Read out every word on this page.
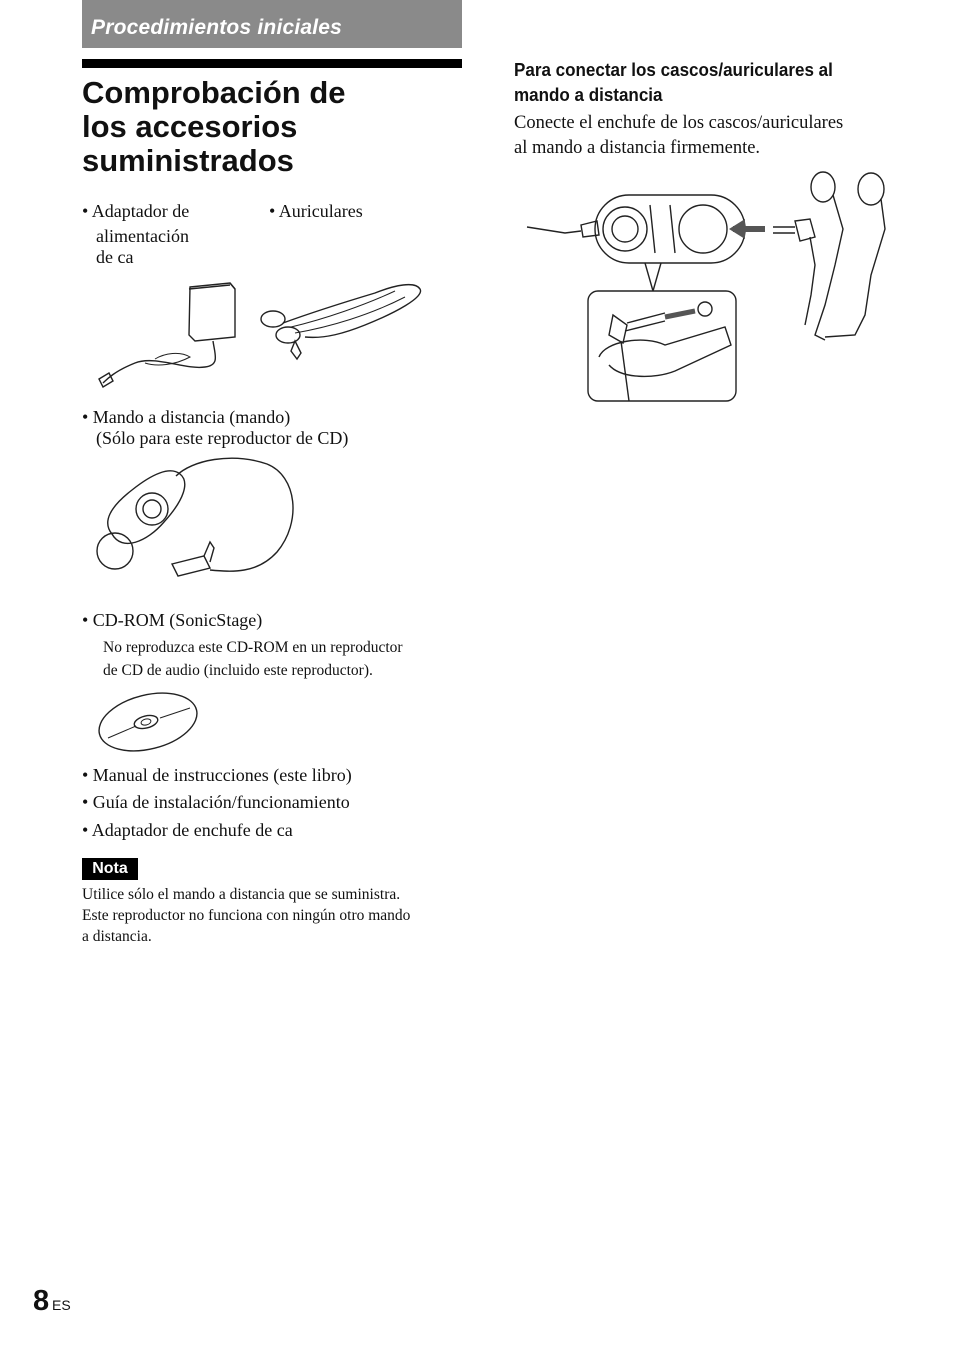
Procedimientos iniciales
Comprobación de
los accesorios
suministrados
• Adaptador de
alimentación
de ca
• Auriculares
• Mando a distancia (mando)
(Sólo para este reproductor de CD)
• CD-ROM (SonicStage)
No reproduzca este CD-ROM en un reproductor
de CD de audio (incluido este reproductor).
• Manual de instrucciones (este libro)
• Guía de instalación/funcionamiento
• Adaptador de enchufe de ca
Nota
Utilice sólo el mando a distancia que se suministra.
Este reproductor no funciona con ningún otro mando
a distancia.
Para conectar los cascos/auriculares al
mando a distancia
Conecte el enchufe de los cascos/auriculares
al mando a distancia firmemente.
8 ES
